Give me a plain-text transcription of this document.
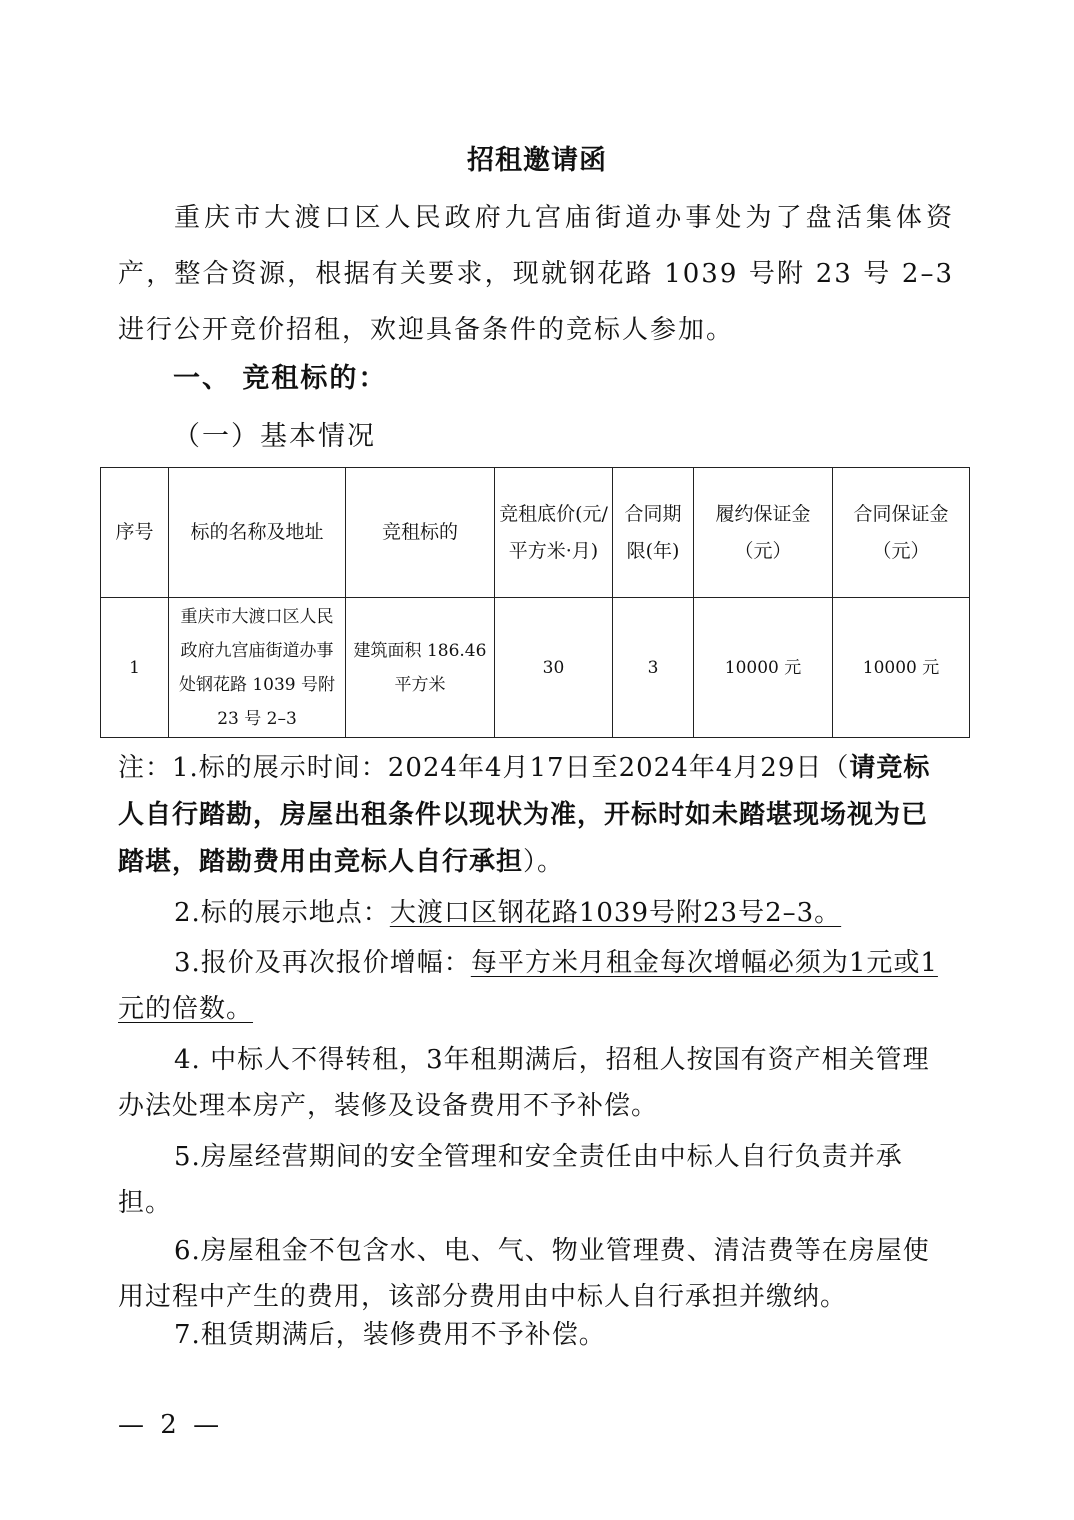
招租邀请函
重庆市大渡口区人民政府九宫庙街道办事处为了盘活集体资产，整合资源，根据有关要求，现就钢花路 1039 号附 23 号 2–3 进行公开竞价招租，欢迎具备条件的竞标人参加。
一、 竞租标的：
（一）基本情况
序号	标的名称及地址	竞租标的	竞租底价(元/平方米·月)	合同期限(年)	履约保证金（元）	合同保证金（元）
1	重庆市大渡口区人民政府九宫庙街道办事处钢花路 1039 号附 23 号 2–3	建筑面积 186.46 平方米	30	3	10000 元	10000 元
注：1.标的展示时间：2024年4月17日至2024年4月29日（请竞标人自行踏勘，房屋出租条件以现状为准，开标时如未踏堪现场视为已踏堪，踏勘费用由竞标人自行承担）。
2.标的展示地点：大渡口区钢花路1039号附23号2–3。
3.报价及再次报价增幅：每平方米月租金每次增幅必须为1元或1元的倍数。
4. 中标人不得转租，3年租期满后，招租人按国有资产相关管理办法处理本房产，装修及设备费用不予补偿。
5.房屋经营期间的安全管理和安全责任由中标人自行负责并承担。
6.房屋租金不包含水、电、气、物业管理费、清洁费等在房屋使用过程中产生的费用，该部分费用由中标人自行承担并缴纳。
7.租赁期满后，装修费用不予补偿。
— 2 —
